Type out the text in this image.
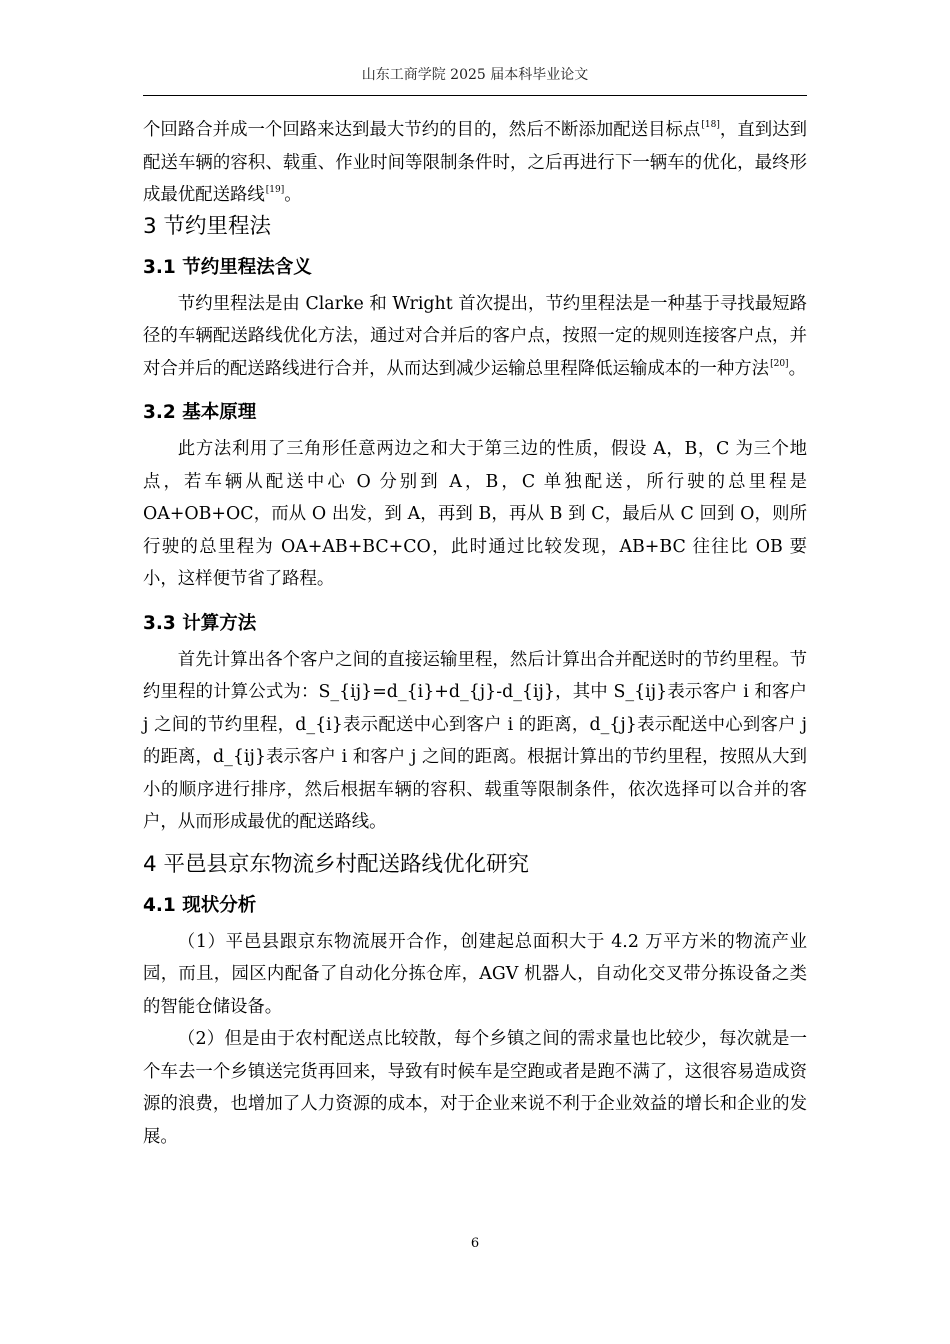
山东工商学院 2025 届本科毕业论文

个回路合并成一个回路来达到最大节约的目的，然后不断添加配送目标点[18]，直到达到配送车辆的容积、载重、作业时间等限制条件时，之后再进行下一辆车的优化，最终形成最优配送路线[19]。

3 节约里程法
3.1 节约里程法含义

节约里程法是由 Clarke 和 Wright 首次提出，节约里程法是一种基于寻找最短路径的车辆配送路线优化方法，通过对合并后的客户点，按照一定的规则连接客户点，并对合并后的配送路线进行合并，从而达到减少运输总里程降低运输成本的一种方法[20]。

3.2 基本原理

此方法利用了三角形任意两边之和大于第三边的性质，假设 A，B，C 为三个地点，若车辆从配送中心 O 分别到 A，B，C 单独配送，所行驶的总里程是 OA+OB+OC，而从 O 出发，到 A，再到 B，再从 B 到 C，最后从 C 回到 O，则所行驶的总里程为 OA+AB+BC+CO，此时通过比较发现，AB+BC 往往比 OB 要小，这样便节省了路程。

3.3 计算方法

首先计算出各个客户之间的直接运输里程，然后计算出合并配送时的节约里程。节约里程的计算公式为：S_{ij}=d_{i}+d_{j}-d_{ij}，其中 S_{ij}表示客户 i 和客户 j 之间的节约里程，d_{i}表示配送中心到客户 i 的距离，d_{j}表示配送中心到客户 j 的距离，d_{ij}表示客户 i 和客户 j 之间的距离。根据计算出的节约里程，按照从大到小的顺序进行排序，然后根据车辆的容积、载重等限制条件，依次选择可以合并的客户，从而形成最优的配送路线。

4 平邑县京东物流乡村配送路线优化研究
4.1 现状分析

（1）平邑县跟京东物流展开合作，创建起总面积大于 4.2 万平方米的物流产业园，而且，园区内配备了自动化分拣仓库，AGV 机器人，自动化交叉带分拣设备之类的智能仓储设备。

（2）但是由于农村配送点比较散，每个乡镇之间的需求量也比较少，每次就是一个车去一个乡镇送完货再回来，导致有时候车是空跑或者是跑不满了，这很容易造成资源的浪费，也增加了人力资源的成本，对于企业来说不利于企业效益的增长和企业的发展。

6
